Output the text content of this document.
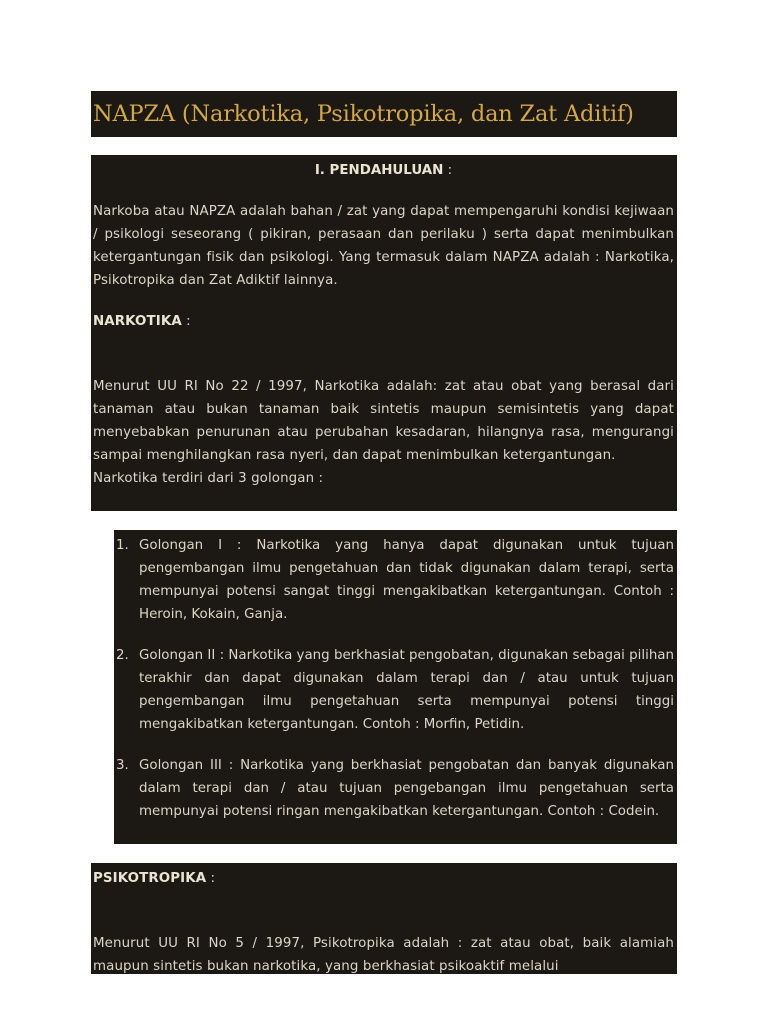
NAPZA (Narkotika, Psikotropika, dan Zat Aditif)

I. PENDAHULUAN :

Narkoba atau NAPZA adalah bahan / zat yang dapat mempengaruhi kondisi kejiwaan / psikologi seseorang ( pikiran, perasaan dan perilaku ) serta dapat menimbulkan ketergantungan fisik dan psikologi. Yang termasuk dalam NAPZA adalah : Narkotika, Psikotropika dan Zat Adiktif lainnya.

NARKOTIKA :

Menurut UU RI No 22 / 1997, Narkotika adalah: zat atau obat yang berasal dari tanaman atau bukan tanaman baik sintetis maupun semisintetis yang dapat menyebabkan penurunan atau perubahan kesadaran, hilangnya rasa, mengurangi sampai menghilangkan rasa nyeri, dan dapat menimbulkan ketergantungan.

Narkotika terdiri dari 3 golongan :

1. Golongan I : Narkotika yang hanya dapat digunakan untuk tujuan pengembangan ilmu pengetahuan dan tidak digunakan dalam terapi, serta mempunyai potensi sangat tinggi mengakibatkan ketergantungan. Contoh : Heroin, Kokain, Ganja.

2. Golongan II : Narkotika yang berkhasiat pengobatan, digunakan sebagai pilihan terakhir dan dapat digunakan dalam terapi dan / atau untuk tujuan pengembangan ilmu pengetahuan serta mempunyai potensi tinggi mengakibatkan ketergantungan. Contoh : Morfin, Petidin.

3. Golongan III : Narkotika yang berkhasiat pengobatan dan banyak digunakan dalam terapi dan / atau tujuan pengebangan ilmu pengetahuan serta mempunyai potensi ringan mengakibatkan ketergantungan. Contoh : Codein.

PSIKOTROPIKA :

Menurut UU RI No 5 / 1997, Psikotropika adalah : zat atau obat, baik alamiah maupun sintetis bukan narkotika, yang berkhasiat psikoaktif melalui
